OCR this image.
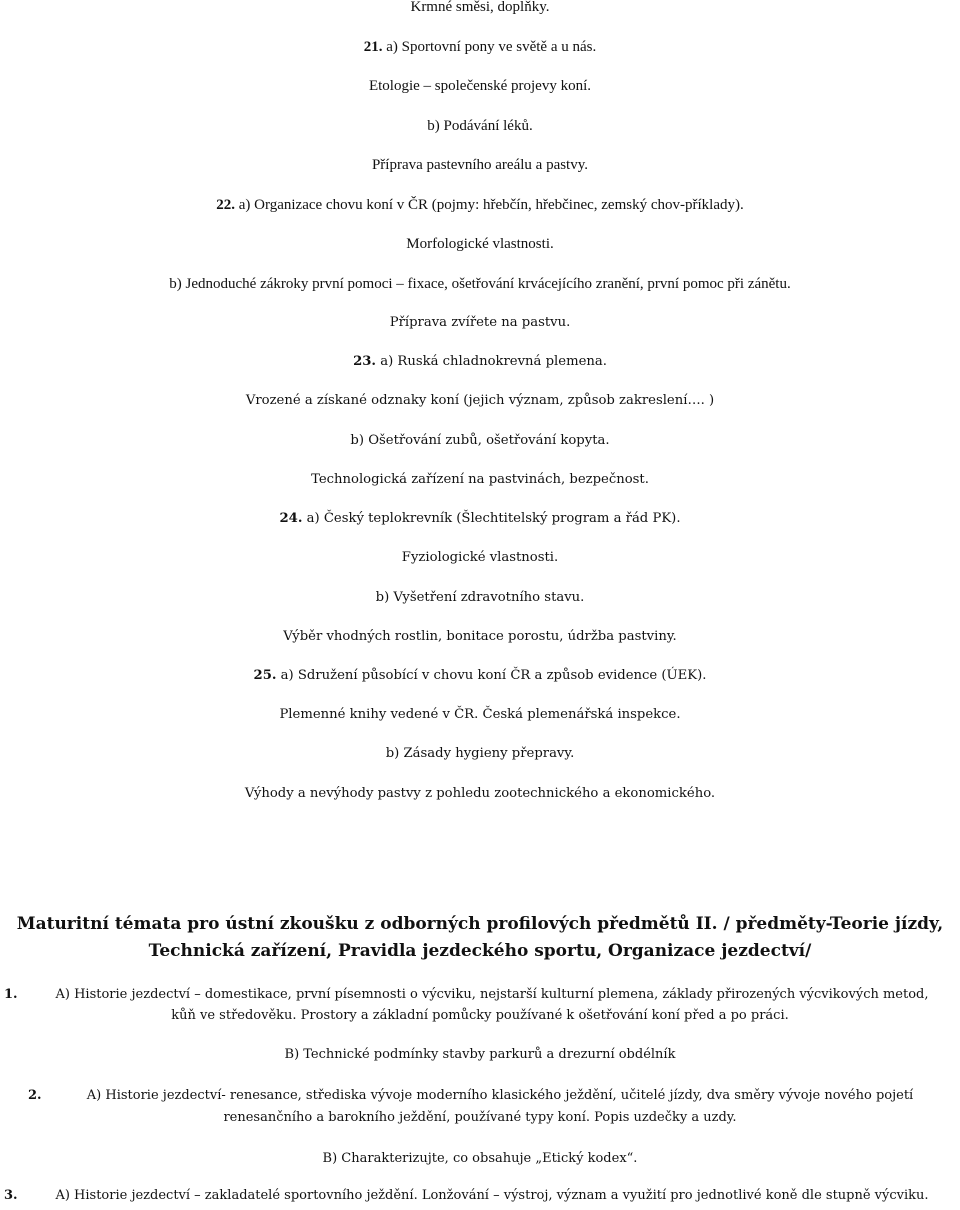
Krmné směsi, doplňky.
21. a) Sportovní pony ve světě a u nás.
Etologie – společenské projevy koní.
b) Podávání léků.
Příprava pastevního areálu a pastvy.
22. a) Organizace chovu koní v ČR (pojmy: hřebčín, hřebčinec, zemský chov-příklady).
Morfologické vlastnosti.
b) Jednoduché zákroky první pomoci – fixace, ošetřování krvácejícího zranění, první pomoc při zánětu.
Příprava zvířete na pastvu.
23. a) Ruská chladnokrevná plemena.
Vrozené a získané odznaky koní (jejich význam, způsob zakreslení…. )
b) Ošetřování zubů, ošetřování kopyta.
Technologická zařízení na pastvinách, bezpečnost.
24. a) Český teplokrevník (Šlechtitelský program a řád PK).
Fyziologické vlastnosti.
b) Vyšetření zdravotního stavu.
Výběr vhodných rostlin, bonitace porostu, údržba pastviny.
25. a) Sdružení působící v chovu koní ČR a způsob evidence (ÚEK).
Plemenné knihy vedené v ČR. Česká plemenářská inspekce.
b) Zásady hygieny přepravy.
Výhody a nevýhody pastvy z pohledu zootechnického a ekonomického.
Maturitní témata pro ústní zkoušku z odborných profilových předmětů II. / předměty-Teorie jízdy,
Technická zařízení, Pravidla jezdeckého sportu, Organizace jezdectví/
1.	A) Historie jezdectví – domestikace, první písemnosti o výcviku, nejstarší kulturní plemena, základy přirozených výcvikových metod,
kůň ve středověku. Prostory a základní pomůcky používané k ošetřování koní před a po práci.
B) Technické podmínky stavby parkurů a drezurní obdélník
2.	A) Historie jezdectví- renesance, střediska vývoje moderního klasického ježdění, učitelé jízdy, dva směry vývoje nového pojetí
renesančního a barokního ježdění, používané typy koní. Popis uzdečky a uzdy.
B) Charakterizujte, co obsahuje „Etický kodex“.
3.	A) Historie jezdectví – zakladatelé sportovního ježdění. Lonžování – výstroj, význam a využití pro jednotlivé koně dle stupně výcviku.
